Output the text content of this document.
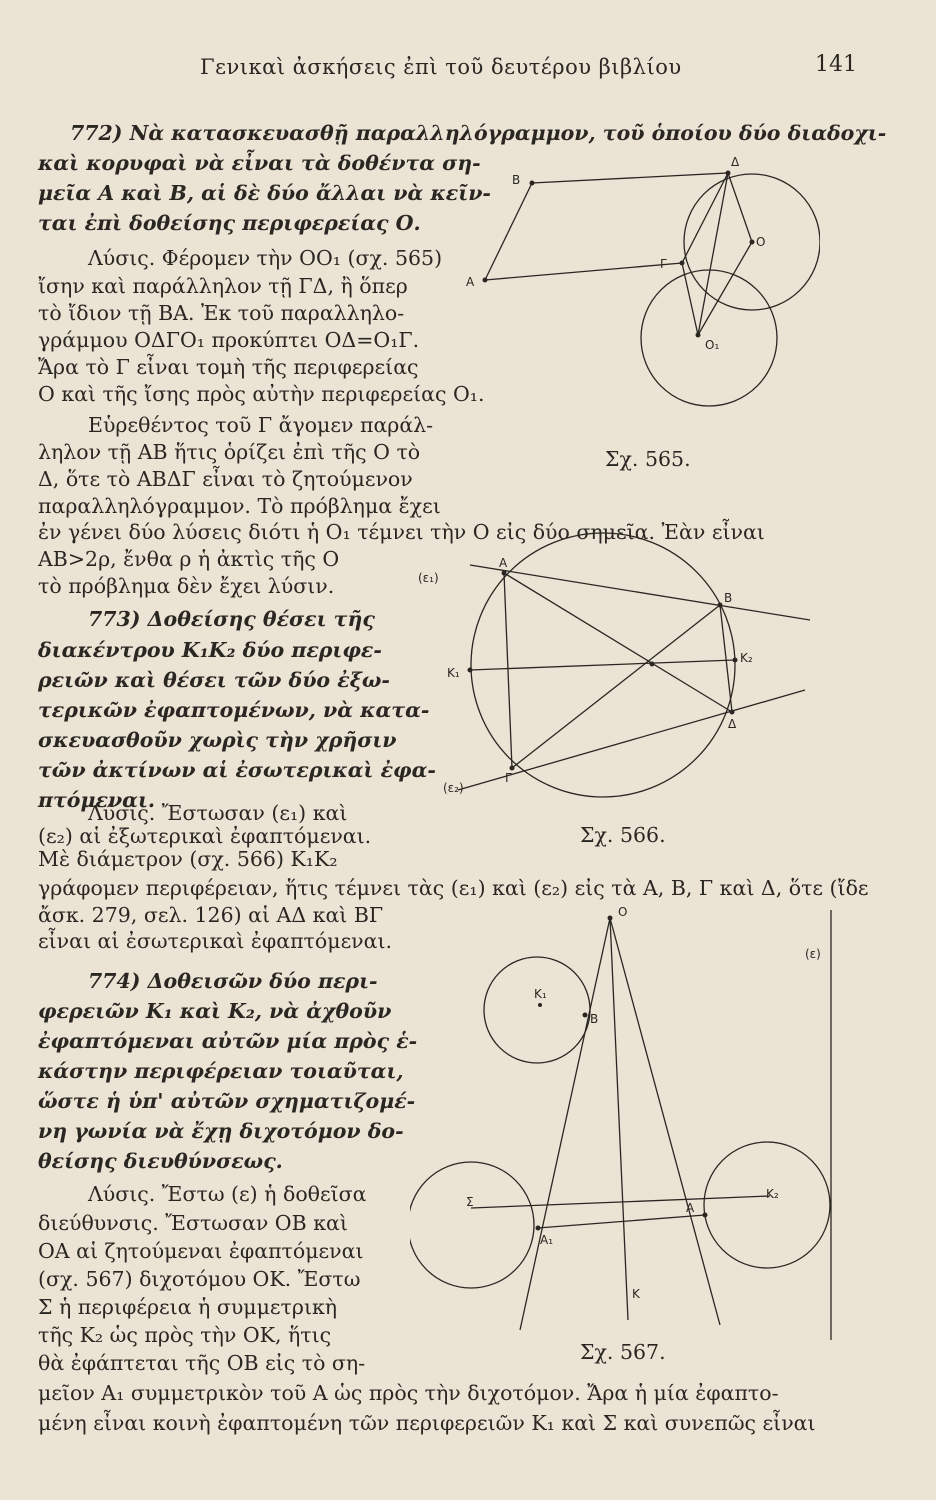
Γενικαὶ ἀσκήσεις ἐπὶ τοῦ δευτέρου βιβλίου	141
772) Νὰ κατασκευασθῇ παραλληλόγραμμον, τοῦ ὁποίου δύο διαδοχι-
καὶ κορυφαὶ νὰ εἶναι τὰ δοθέντα ση-
μεῖα Α καὶ Β, αἱ δὲ δύο ἄλλαι νὰ κεῖν-
ται ἐπὶ δοθείσης περιφερείας Ο.
Λύσις. Φέρομεν τὴν ΟΟ₁ (σχ. 565)
ἴσην καὶ παράλληλον τῇ ΓΔ, ἢ ὅπερ
τὸ ἴδιον τῇ ΒΑ. Ἐκ τοῦ παραλληλο-
γράμμου ΟΔΓΟ₁ προκύπτει ΟΔ=Ο₁Γ.
Ἄρα τὸ Γ εἶναι τομὴ τῆς περιφερείας
Ο καὶ τῆς ἴσης πρὸς αὐτὴν περιφερείας Ο₁.
Εὑρεθέντος τοῦ Γ ἄγομεν παράλ-
ληλον τῇ ΑΒ ἥτις ὁρίζει ἐπὶ τῆς Ο τὸ
Δ, ὅτε τὸ ΑΒΔΓ εἶναι τὸ ζητούμενον
παραλληλόγραμμον. Τὸ πρόβλημα ἔχει
ἐν γένει δύο λύσεις διότι ἡ Ο₁ τέμνει τὴν Ο εἰς δύο σημεῖα. Ἐὰν εἶναι
ΑΒ>2ρ, ἔνθα ρ ἡ ἀκτὶς τῆς Ο
τὸ πρόβλημα δὲν ἔχει λύσιν.
773) Δοθείσης θέσει τῆς
διακέντρου Κ₁Κ₂ δύο περιφε-
ρειῶν καὶ θέσει τῶν δύο ἐξω-
τερικῶν ἐφαπτομένων, νὰ κατα-
σκευασθοῦν χωρὶς τὴν χρῆσιν
τῶν ἀκτίνων αἱ ἐσωτερικαὶ ἐφα-
πτόμεναι.
Λύσις. Ἔστωσαν (ε₁) καὶ
(ε₂) αἱ ἐξωτερικαὶ ἐφαπτόμεναι.
Μὲ διάμετρον (σχ. 566) Κ₁Κ₂
γράφομεν περιφέρειαν, ἥτις τέμνει τὰς (ε₁) καὶ (ε₂) εἰς τὰ Α, Β, Γ καὶ Δ, ὅτε (ἴδε
ἄσκ. 279, σελ. 126) αἱ ΑΔ καὶ ΒΓ
εἶναι αἱ ἐσωτερικαὶ ἐφαπτόμεναι.
774) Δοθεισῶν δύο περι-
φερειῶν Κ₁ καὶ Κ₂, νὰ ἀχθοῦν
ἐφαπτόμεναι αὐτῶν μία πρὸς ἑ-
κάστην περιφέρειαν τοιαῦται,
ὥστε ἡ ὑπ' αὐτῶν σχηματιζομέ-
νη γωνία νὰ ἔχῃ διχοτόμον δο-
θείσης διευθύνσεως.
Λύσις. Ἔστω (ε) ἡ δοθεῖσα
διεύθυνσις. Ἔστωσαν ΟΒ καὶ
ΟΑ αἱ ζητούμεναι ἐφαπτόμεναι
(σχ. 567) διχοτόμου ΟΚ. Ἔστω
Σ ἡ περιφέρεια ἡ συμμετρικὴ
τῆς Κ₂ ὡς πρὸς τὴν ΟΚ, ἥτις
θὰ ἐφάπτεται τῆς ΟΒ εἰς τὸ ση-
μεῖον Α₁ συμμετρικὸν τοῦ Α ὡς πρὸς τὴν διχοτόμον. Ἄρα ἡ μία ἐφαπτο-
μένη εἶναι κοινὴ ἐφαπτομένη τῶν περιφερειῶν Κ₁ καὶ Σ καὶ συνεπῶς εἶναι
B
Δ
O
Γ
A
O₁
Σχ. 565.
(ε₁)
A
B
K₁
K₂
Δ
Γ
(ε₂)
Σχ. 566.
O
(ε)
K₁
B
Σ
K₂
A₁
A
K
Σχ. 567.
